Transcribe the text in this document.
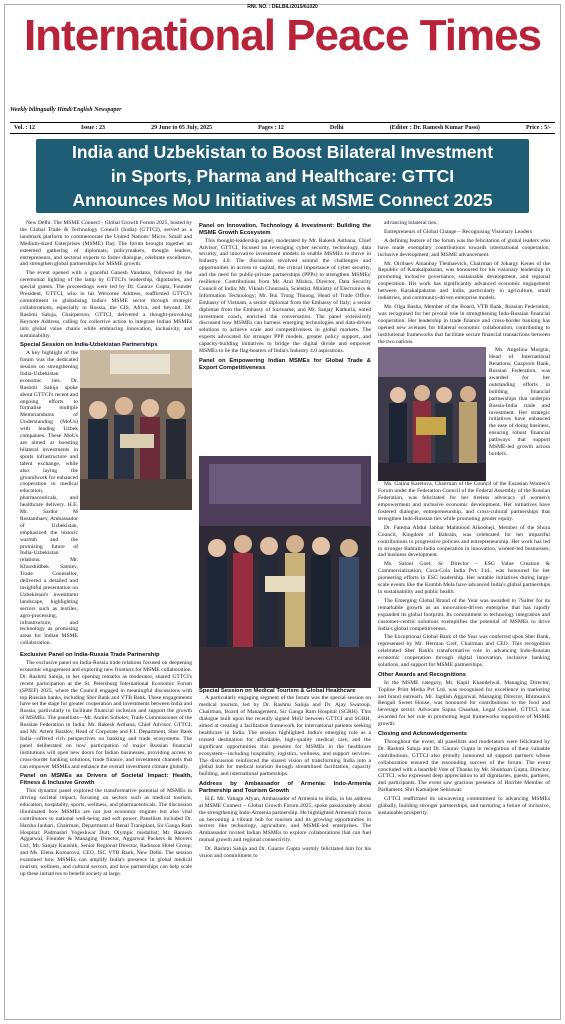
RNI. NO. : DELBIL/2015/61020
International Peace Times
Weekly bilingually Hindi/English Newspaper
Vol. : 12	Issue : 23	29 June to 05 July, 2025	Pages : 12	Delhi	(Editor : Dr. Ramesh Kumar Passi)	Price : 5/-
India and Uzbekistan to Boost Bilateral Investment
in Sports, Pharma and Healthcare: GTTCI
Announces MoU Initiatives at MSME Connect 2025

New Delhi. The MSME Connect - Global Growth Forum 2025, hosted by the Global Trade & Technology Council (India) (GTTCI), served as a landmark platform to commemorate the United Nations' Micro, Small and Medium-sized Enterprises (MSME) Day. The forum brought together an esteemed gathering of diplomats, policymakers, thought leaders, entrepreneurs, and sectoral experts to foster dialogue, celebrate excellence, and strengthen global partnerships for MSME growth.

The event opened with a graceful Ganesh Vandana, followed by the ceremonial lighting of the lamp by GTTCI's leadership, dignitaries, and special guests. The proceedings were led by Dr. Gaurav Gupta, Founder President, GTTCI, who in his Welcome Address, reaffirmed GTTCI's commitment to globalising India's MSME sector through strategic collaborations, especially in Russia, the CIS, Africa, and beyond. Dr. Rashmi Saluja, Chairperson, GTTCI, delivered a thought-provoking Keynote Address, calling for collective action to integrate Indian MSMEs into global value chains while embracing innovation, inclusivity, and sustainability.

Special Session on India-Uzbekistan Partnerships

A key highlight of the forum was the dedicated session on strengthening India-Uzbekistan economic ties. Dr. Rashmi Saluja spoke about GTTCI's recent and ongoing efforts to formalise multiple Memorandums of Understanding (MoUs) with leading Uzbek companies. These MoUs are aimed at boosting bilateral investments in sports infrastructure and talent exchange, while also laying the groundwork for enhanced cooperation in medical education, pharmaceuticals, and healthcare delivery. H.E. Mr. Sardor M Rustambaev, Ambassador of Uzbekistan, emphasized the historic warmth and the promising future of India-Uzbekistan relations. Mr. Khurshidbek Samiev, Trade Counsellor, delivered a detailed and insightful presentation on Uzbekistan's investment landscape, highlighting sectors such as textiles, agro-processing, infrastructure, and technology as promising areas for Indian MSME collaboration.

Exclusive Panel on India-Russia Trade Partnership

The exclusive panel on India-Russia trade relations focused on deepening economic engagement and exploring new frontiers for MSME collaboration. Dr. Rashmi Saluja, in her opening remarks as moderator, shared GTTCI's recent participation at the St. Petersburg International Economic Forum (SPIEF) 2025, where the Council engaged in meaningful discussions with top Russian banks, including Sber Bank and VTB Bank. These engagements have set the stage for greater cooperation and investments between India and Russia, particularly to facilitate financial inclusion and support the growth of MSMEs. The panellists—Mr. Andrei Sobolev, Trade Commissioner of the Russian Federation in India; Mr. Rakesh Asthana, Chief Advisor, GTTCI; and Mr. Artem Batalov, Head of Corporate and F.I. Department, Sber Bank India—offered rich perspectives on banking and trade ecosystems. The panel deliberated on how participation of major Russian financial institutions will open new doors for Indian businesses, providing access to cross-border banking solutions, trade finance, and investment channels that can empower MSMEs and enhance the overall investment climate globally.

Panel on MSMEs as Drivers of Societal Impact: Health, Fitness & Inclusive Growth

This dynamic panel explored the transformative potential of MSMEs in driving societal impact, focusing on sectors such as medical tourism, education, hospitality, sports, wellness, and pharmaceuticals. The discussion illuminated how MSMEs are not just economic engines but also vital contributors to national well-being and soft power. Panellists included Dr. Harsha Jauhari, Chairman, Department of Renal Transplant, Sir Ganga Ram Hospital; Padmashri Yogeshwar Dutt, Olympic medallist; Mr. Ramesh Aggarwal, Founder & Managing Director, Aggarwal Packers & Movers Ltd.; Mr. Sanjay Kaushik, Senior Regional Director, Radisson Hotel Group; and Ms. Elena Komarova, CEO, JSC VTB Bank, New Delhi. The session examined how MSMEs can amplify India's presence in global medical tourism, wellness, and cultural sectors, and how partnerships can help scale up these initiatives to benefit society at large.

Panel on Innovation, Technology & Investment: Building the MSME Growth Ecosystem

This thought-leadership panel, moderated by Mr. Rakesh Asthana, Chief Advisor, GTTCI, focused on leveraging cyber security, technology, data security, and innovative investment models to enable MSMEs to thrive in Industry 4.0. The discussion revolved around the challenges and opportunities in access to capital, the critical importance of cyber security, and the need for public-private partnerships (PPPs) to strengthen MSMEs' resilience. Contributions from Mr. Atul Mishra, Director, Data Security Council of India; Mr. Vikash Chourasia, Scientist, Ministry of Electronics & Information Technology; Mr. Bui Trung Thuong, Head of Trade Office, Embassy of Vietnam, a senior diplomat from the Embassy of Italy; a senior diplomat from the Embassy of Suriname; and Mr. Sanjay Kathuria, noted investment coach, enriched the conversation. The panel extensively discussed how MSMEs can harness emerging technologies and data-driven solutions to achieve scale and competitiveness in global markets. The experts advocated for stronger PPP models, greater policy support, and capacity-building initiatives to bridge the digital divide and empower MSMEs to be the flag-bearers of India's Industry 4.0 aspirations.

Panel on Empowering Indian MSMEs for Global Trade & Export Competitiveness

Special Session on Medical Tourism & Global Healthcare

A particularly engaging segment of the forum was the special session on medical tourism, led by Dr. Rashmi Saluja and Dr. Ajay Swaroop, Chairman, Board of Management, Sir Ganga Ram Hospital (SGRH). This dialogue built upon the recently signed MoU between GTTCI and SGRH, aimed at creating a facilitation framework for international patients seeking healthcare in India. The session highlighted India's emerging role as a trusted destination for affordable, high-quality medical care, and the significant opportunities this presents for MSMEs in the healthcare ecosystem—including hospitality, logistics, wellness, and support services. The discussion reinforced the shared vision of transforming India into a global hub for medical tourism through streamlined facilitation, capacity building, and international partnerships.

Address by Ambassador of Armenia: Indo-Armenia Partnership and Tourism Growth

H.E. Mr. Vahagn Afyan, Ambassador of Armenia to India, in his address at MSME Connect – Global Growth Forum 2025, spoke passionately about the strengthening Indo-Armenia partnership. He highlighted Armenia's focus on becoming a vibrant hub for tourism and its growing opportunities in sectors like technology, agriculture, and MSME-led enterprises. The Ambassador invited Indian MSMEs to explore collaborations that can fuel mutual growth and regional connectivity.

Dr. Rashmi Saluja and Dr. Gaurav Gupta warmly felicitated him for his vision and commitment to

advancing bilateral ties.

Entrepreneurs of Global Change – Recognising Visionary Leaders

A defining feature of the forum was the felicitation of global leaders who have made exemplary contributions towards international cooperation, inclusive development, and MSME advancement.

Mr. Oiribaev Amanbay Tleubaevich, Chairman of Jokargy Kenes of the Republic of Karakalpakstan, was honoured for his visionary leadership in promoting inclusive governance, sustainable development, and regional cooperation. His work has significantly advanced economic engagement between Karakalpakstan and India, particularly in agriculture, small industries, and community-driven enterprise models.

Ms. Olga Basha, Member of the Board, VTB Bank, Russian Federation, was recognised for her pivotal role in strengthening Indo-Russian financial cooperation. Her leadership in trade finance and cross-border banking has opened new avenues for bilateral economic collaboration, contributing to institutional frameworks that facilitate secure financial transactions between the two nations.

Ms. Angelina Morgun, Head of International Relations, Gazprom Bank, Russian Federation, was awarded for her outstanding efforts in building financial partnerships that underpin Russia-India trade and investment. Her strategic initiatives have enhanced the ease of doing business, ensuring robust financial pathways that support MSME-led growth across borders.

Ms. Galina Karelova, Chairman of the Council of the Eurasian Women's Forum under the Federation Council of the Federal Assembly of the Russian Federation, was felicitated for her tireless advocacy of women's empowerment and inclusive economic development. Her initiatives have fostered dialogue, entrepreneurship, and cross-cultural partnerships that strengthen Indo-Russian ties while promoting gender equity.

Dr. Fatema Abdul Jabbar Mahmood Alkooheji, Member of the Shura Council, Kingdom of Bahrain, was celebrated for her impactful contributions to progressive policies and entrepreneurship. Her work has led to stronger Bahrain-India cooperation in innovation, women-led businesses, and business development.

Ms. Saloni Goel, Sr. Director – ESG Value Creation & Commercialization, Coca-Cola India Pvt. Ltd., was honoured for her pioneering efforts in ESG leadership. Her notable initiatives during large-scale events like the Kumbh Mela have advanced India's global partnerships in sustainability and public health.

The Emerging Global Brand of the Year was awarded to 7Salter for its remarkable growth as an innovation-driven enterprise that has rapidly expanded its global footprint. Its commitment to technology integration and customer-centric solutions exemplifies the potential of MSMEs to drive India's global competitiveness.

The Exceptional Global Bank of the Year was conferred upon Sber Bank, represented by Mr. Herman Gref, Chairman and CEO. This recognition celebrated Sber Bank's transformative role in advancing Indo-Russian economic cooperation through digital innovation, inclusive banking solutions, and support for MSME partnerships.

Other Awards and Recognitions

In the MSME category, Mr. Kapil Khandelwal, Managing Director, Topline Print Media Pvt Ltd, was recognised for excellence in marketing and brand outreach. Mr. Jagdish Aggarwal, Managing Director, Bhimsain's Bengali Sweet House, was honoured for contributions to the food and beverage sector. Advocate Sapna Chauhan, Legal Counsel, GTTCI, was awarded for her role in promoting legal frameworks supportive of MSME growth.

Closing and Acknowledgements

Throughout the event, all panellists and moderators were felicitated by Dr. Rashmi Saluja and Dr. Gaurav Gupta in recognition of their valuable contributions. GTTCI also proudly honoured all support partners whose collaboration ensured the resounding success of the forum. The event concluded with a heartfelt Vote of Thanks by Mr. Shubham Gupta, Director, GTTCI, who expressed deep appreciation to all dignitaries, guests, partners, and participants. The event saw gracious presence of Hon'ble Member of Parliament, Shri Kamaljeet Sehrawat.

GTTCI reaffirmed its unwavering commitment to advancing MSMEs globally, building stronger partnerships, and nurturing a future of inclusive, sustainable prosperity.
